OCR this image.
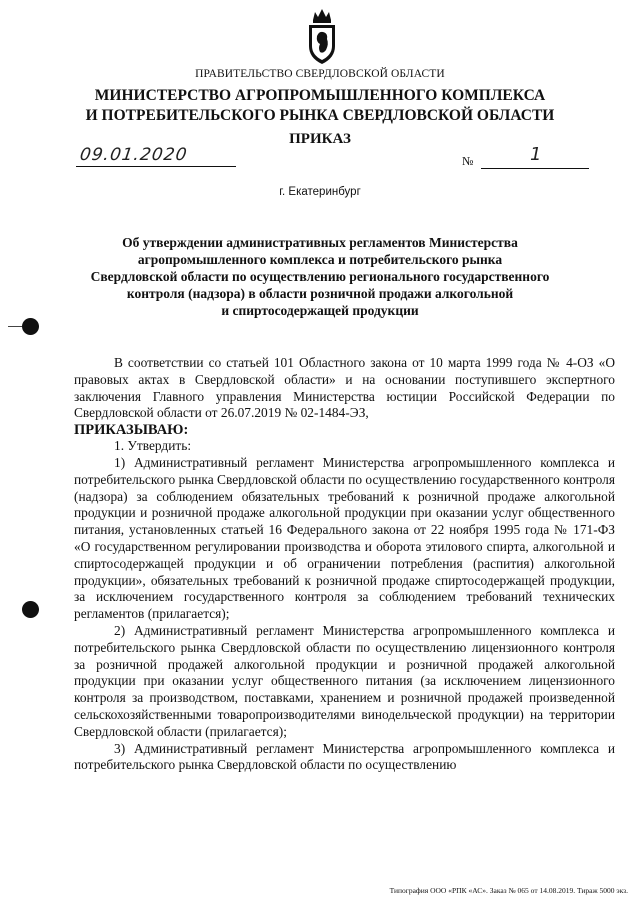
ПРАВИТЕЛЬСТВО СВЕРДЛОВСКОЙ ОБЛАСТИ
МИНИСТЕРСТВО АГРОПРОМЫШЛЕННОГО КОМПЛЕКСА
И ПОТРЕБИТЕЛЬСКОГО РЫНКА СВЕРДЛОВСКОЙ ОБЛАСТИ
ПРИКАЗ
09.01.2020	№	1
г. Екатеринбург
Об утверждении административных регламентов Министерства
агропромышленного комплекса и потребительского рынка
Свердловской области по осуществлению регионального государственного
контроля (надзора) в области розничной продажи алкогольной
и спиртосодержащей продукции

В соответствии со статьей 101 Областного закона от 10 марта 1999 года № 4-ОЗ «О правовых актах в Свердловской области» и на основании поступившего экспертного заключения Главного управления Министерства юстиции Российской Федерации по Свердловской области от 26.07.2019 № 02-1484-ЭЗ,

ПРИКАЗЫВАЮ:

1. Утвердить:

1) Административный регламент Министерства агропромышленного комплекса и потребительского рынка Свердловской области по осуществлению государственного контроля (надзора) за соблюдением обязательных требований к розничной продаже алкогольной продукции и розничной продаже алкогольной продукции при оказании услуг общественного питания, установленных статьей 16 Федерального закона от 22 ноября 1995 года № 171-ФЗ «О государственном регулировании производства и оборота этилового спирта, алкогольной и спиртосодержащей продукции и об ограничении потребления (распития) алкогольной продукции», обязательных требований к розничной продаже спиртосодержащей продукции, за исключением государственного контроля за соблюдением требований технических регламентов (прилагается);

2) Административный регламент Министерства агропромышленного комплекса и потребительского рынка Свердловской области по осуществлению лицензионного контроля за розничной продажей алкогольной продукции и розничной продажей алкогольной продукции при оказании услуг общественного питания (за исключением лицензионного контроля за производством, поставками, хранением и розничной продажей произведенной сельскохозяйственными товаропроизводителями винодельческой продукции) на территории Свердловской области (прилагается);

3) Административный регламент Министерства агропромышленного комплекса и потребительского рынка Свердловской области по осуществлению

Типография ООО «РПК «АС». Заказ № 065 от 14.08.2019. Тираж 5000 экз.
